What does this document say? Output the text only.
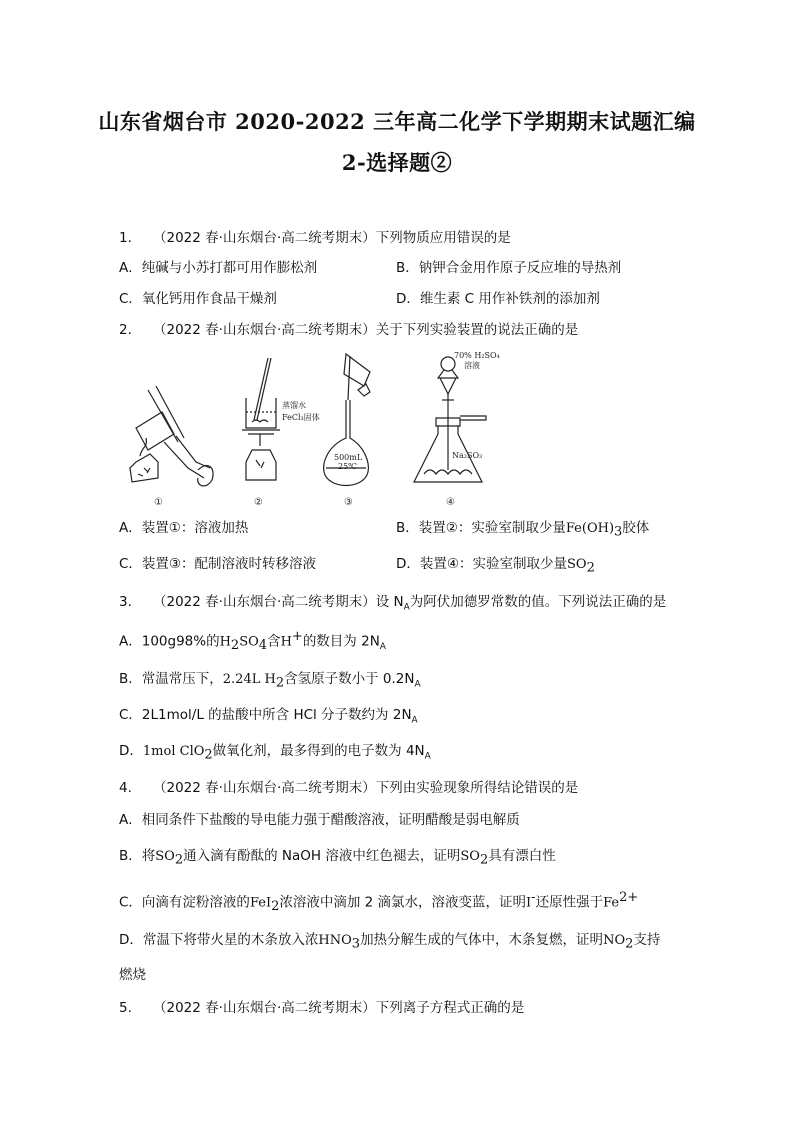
山东省烟台市 2020-2022 三年高二化学下学期期末试题汇编
2-选择题②
1. （2022 春·山东烟台·高二统考期末）下列物质应用错误的是
A．纯碱与小苏打都可用作膨松剂	B．钠钾合金用作原子反应堆的导热剂
C．氧化钙用作食品干燥剂	D．维生素 C 用作补铁剂的添加剂
2. （2022 春·山东烟台·高二统考期末）关于下列实验装置的说法正确的是
蒸馏水
FeCl₃固体
500mL
25℃
70% H₂SO₄
溶液
Na₂SO₃
①	②	③	④
A．装置①：溶液加热	B．装置②：实验室制取少量$Fe(OH)_3$胶体
C．装置③：配制溶液时转移溶液	D．装置④：实验室制取少量$SO_2$
3. （2022 春·山东烟台·高二统考期末）设 $N_A$为阿伏加德罗常数的值。下列说法正确的是
A．100g98%的$H_2SO_4$含H+的数目为 $2N_A$
B．常温常压下，2.24L $H_2$含氢原子数小于 $0.2N_A$
C．2L1mol/L 的盐酸中所含 HCl 分子数约为 $2N_A$
D．1mol ClO$_2$做氧化剂，最多得到的电子数为 $4N_A$
4. （2022 春·山东烟台·高二统考期末）下列由实验现象所得结论错误的是
A．相同条件下盐酸的导电能力强于醋酸溶液，证明醋酸是弱电解质
B．将$SO_2$通入滴有酚酞的 NaOH 溶液中红色褪去，证明$SO_2$具有漂白性
C．向滴有淀粉溶液的FeI$_2$浓溶液中滴加 2 滴氯水，溶液变蓝，证明I-还原性强于$Fe^{2+}$
D．常温下将带火星的木条放入浓$HNO_3$加热分解生成的气体中，木条复燃，证明$NO_2$支持
燃烧
5. （2022 春·山东烟台·高二统考期末）下列离子方程式正确的是
